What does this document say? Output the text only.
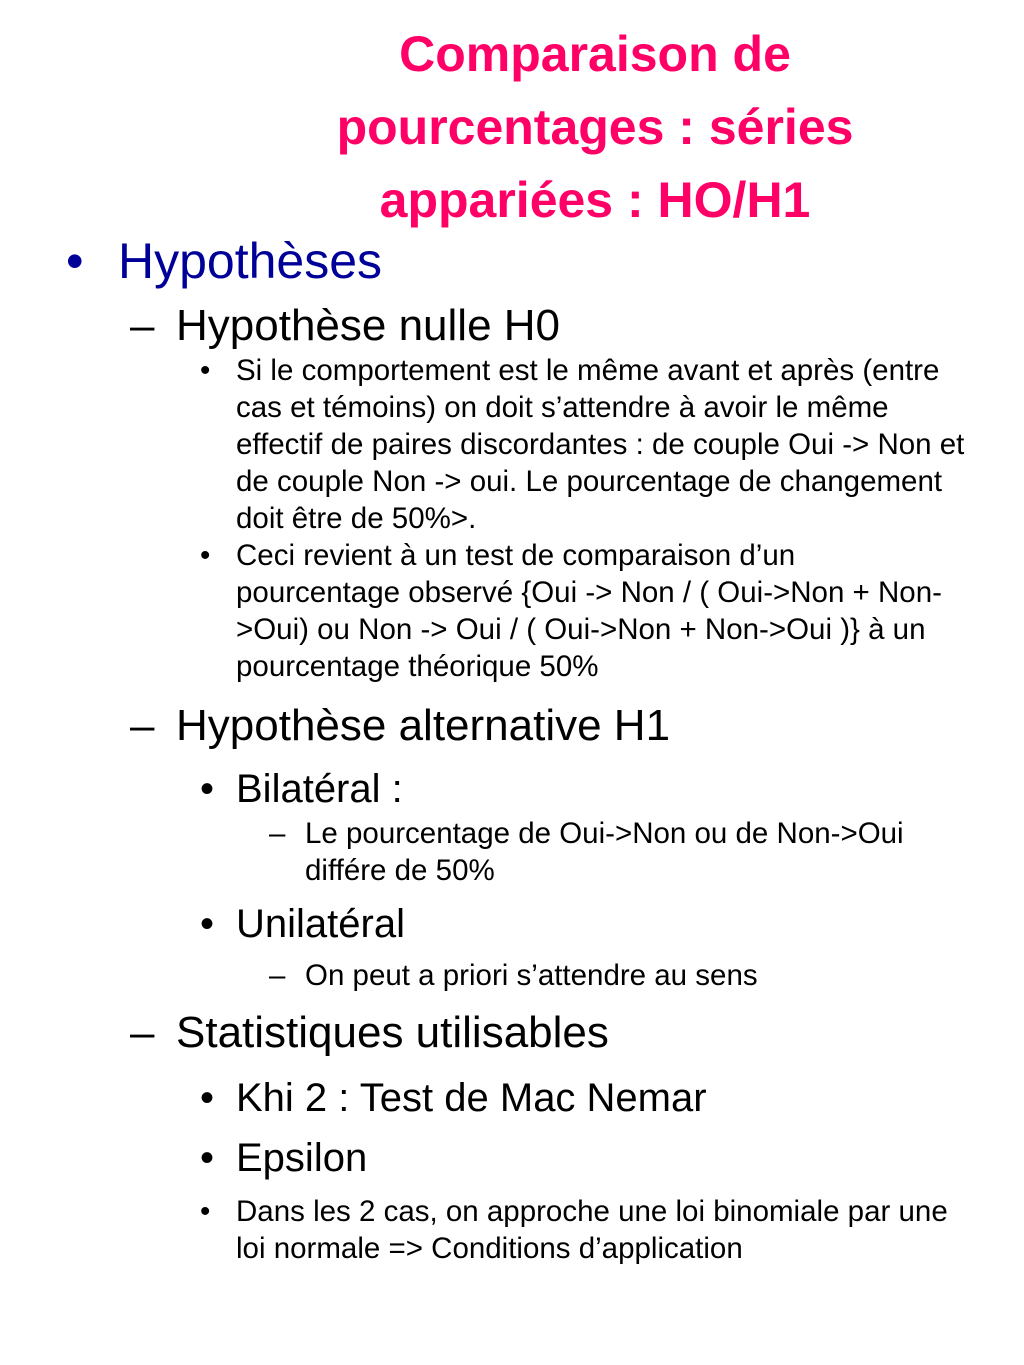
Comparaison de pourcentages : séries appariées : HO/H1
• Hypothèses
– Hypothèse nulle H0
• Si le comportement est le même avant et après (entre cas et témoins) on doit s’attendre à avoir le même effectif de paires discordantes : de couple Oui -> Non et de couple Non -> oui. Le pourcentage de changement doit être de 50%>.
• Ceci revient à un test de comparaison d’un pourcentage observé {Oui -> Non / ( Oui->Non + Non->Oui) ou Non -> Oui / ( Oui->Non + Non->Oui )} à un pourcentage théorique 50%
– Hypothèse alternative H1
• Bilatéral :
– Le pourcentage de Oui->Non ou de Non->Oui différe de 50%
• Unilatéral
– On peut a priori s’attendre au sens
– Statistiques utilisables
• Khi 2 : Test de Mac Nemar
• Epsilon
• Dans les 2 cas, on approche une loi binomiale par une loi normale => Conditions d’application
